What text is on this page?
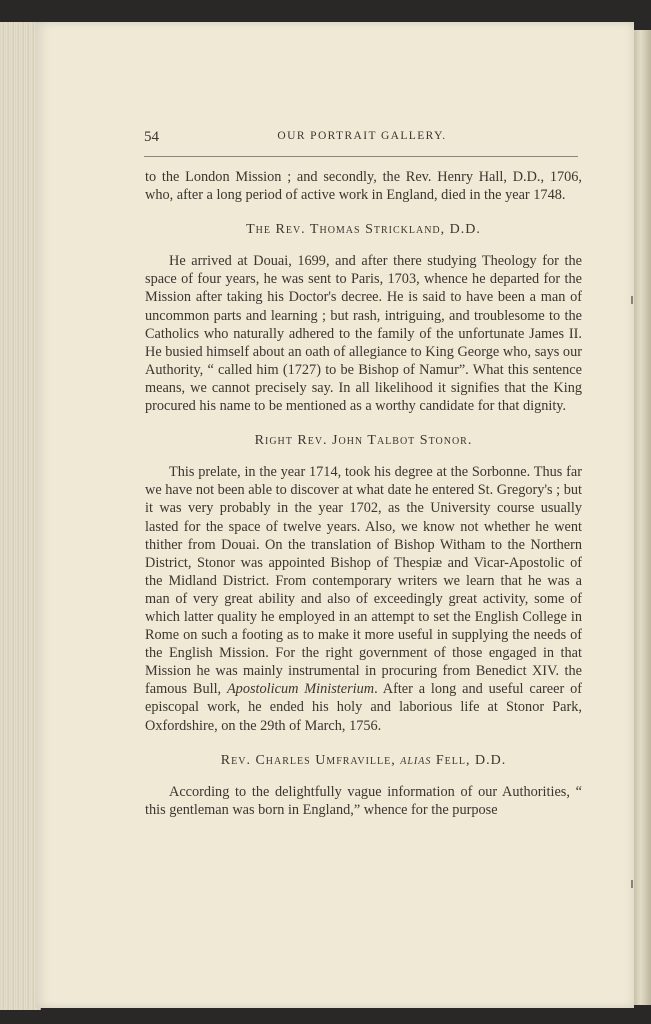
54	OUR PORTRAIT GALLERY.

to the London Mission ; and secondly, the Rev. Henry Hall, D.D., 1706, who, after a long period of active work in England, died in the year 1748.

The Rev. Thomas Strickland, D.D.

He arrived at Douai, 1699, and after there studying Theology for the space of four years, he was sent to Paris, 1703, whence he departed for the Mission after taking his Doctor's decree. He is said to have been a man of uncommon parts and learning ; but rash, intriguing, and troublesome to the Catholics who naturally adhered to the family of the unfortunate James II. He busied himself about an oath of allegiance to King George who, says our Authority, “ called him (1727) to be Bishop of Namur”. What this sentence means, we cannot precisely say. In all likelihood it signifies that the King procured his name to be mentioned as a worthy candidate for that dignity.

Right Rev. John Talbot Stonor.

This prelate, in the year 1714, took his degree at the Sorbonne. Thus far we have not been able to discover at what date he entered St. Gregory's ; but it was very probably in the year 1702, as the University course usually lasted for the space of twelve years. Also, we know not whether he went thither from Douai. On the translation of Bishop Witham to the Northern District, Stonor was appointed Bishop of Thespiæ and Vicar-Apostolic of the Midland District. From contemporary writers we learn that he was a man of very great ability and also of exceedingly great activity, some of which latter quality he employed in an attempt to set the English College in Rome on such a footing as to make it more useful in supplying the needs of the English Mission. For the right government of those engaged in that Mission he was mainly instrumental in procuring from Benedict XIV. the famous Bull, Apostolicum Ministerium. After a long and useful career of episcopal work, he ended his holy and laborious life at Stonor Park, Oxfordshire, on the 29th of March, 1756.

Rev. Charles Umfraville, alias Fell, D.D.

According to the delightfully vague information of our Authorities, “ this gentleman was born in England,” whence for the purpose
